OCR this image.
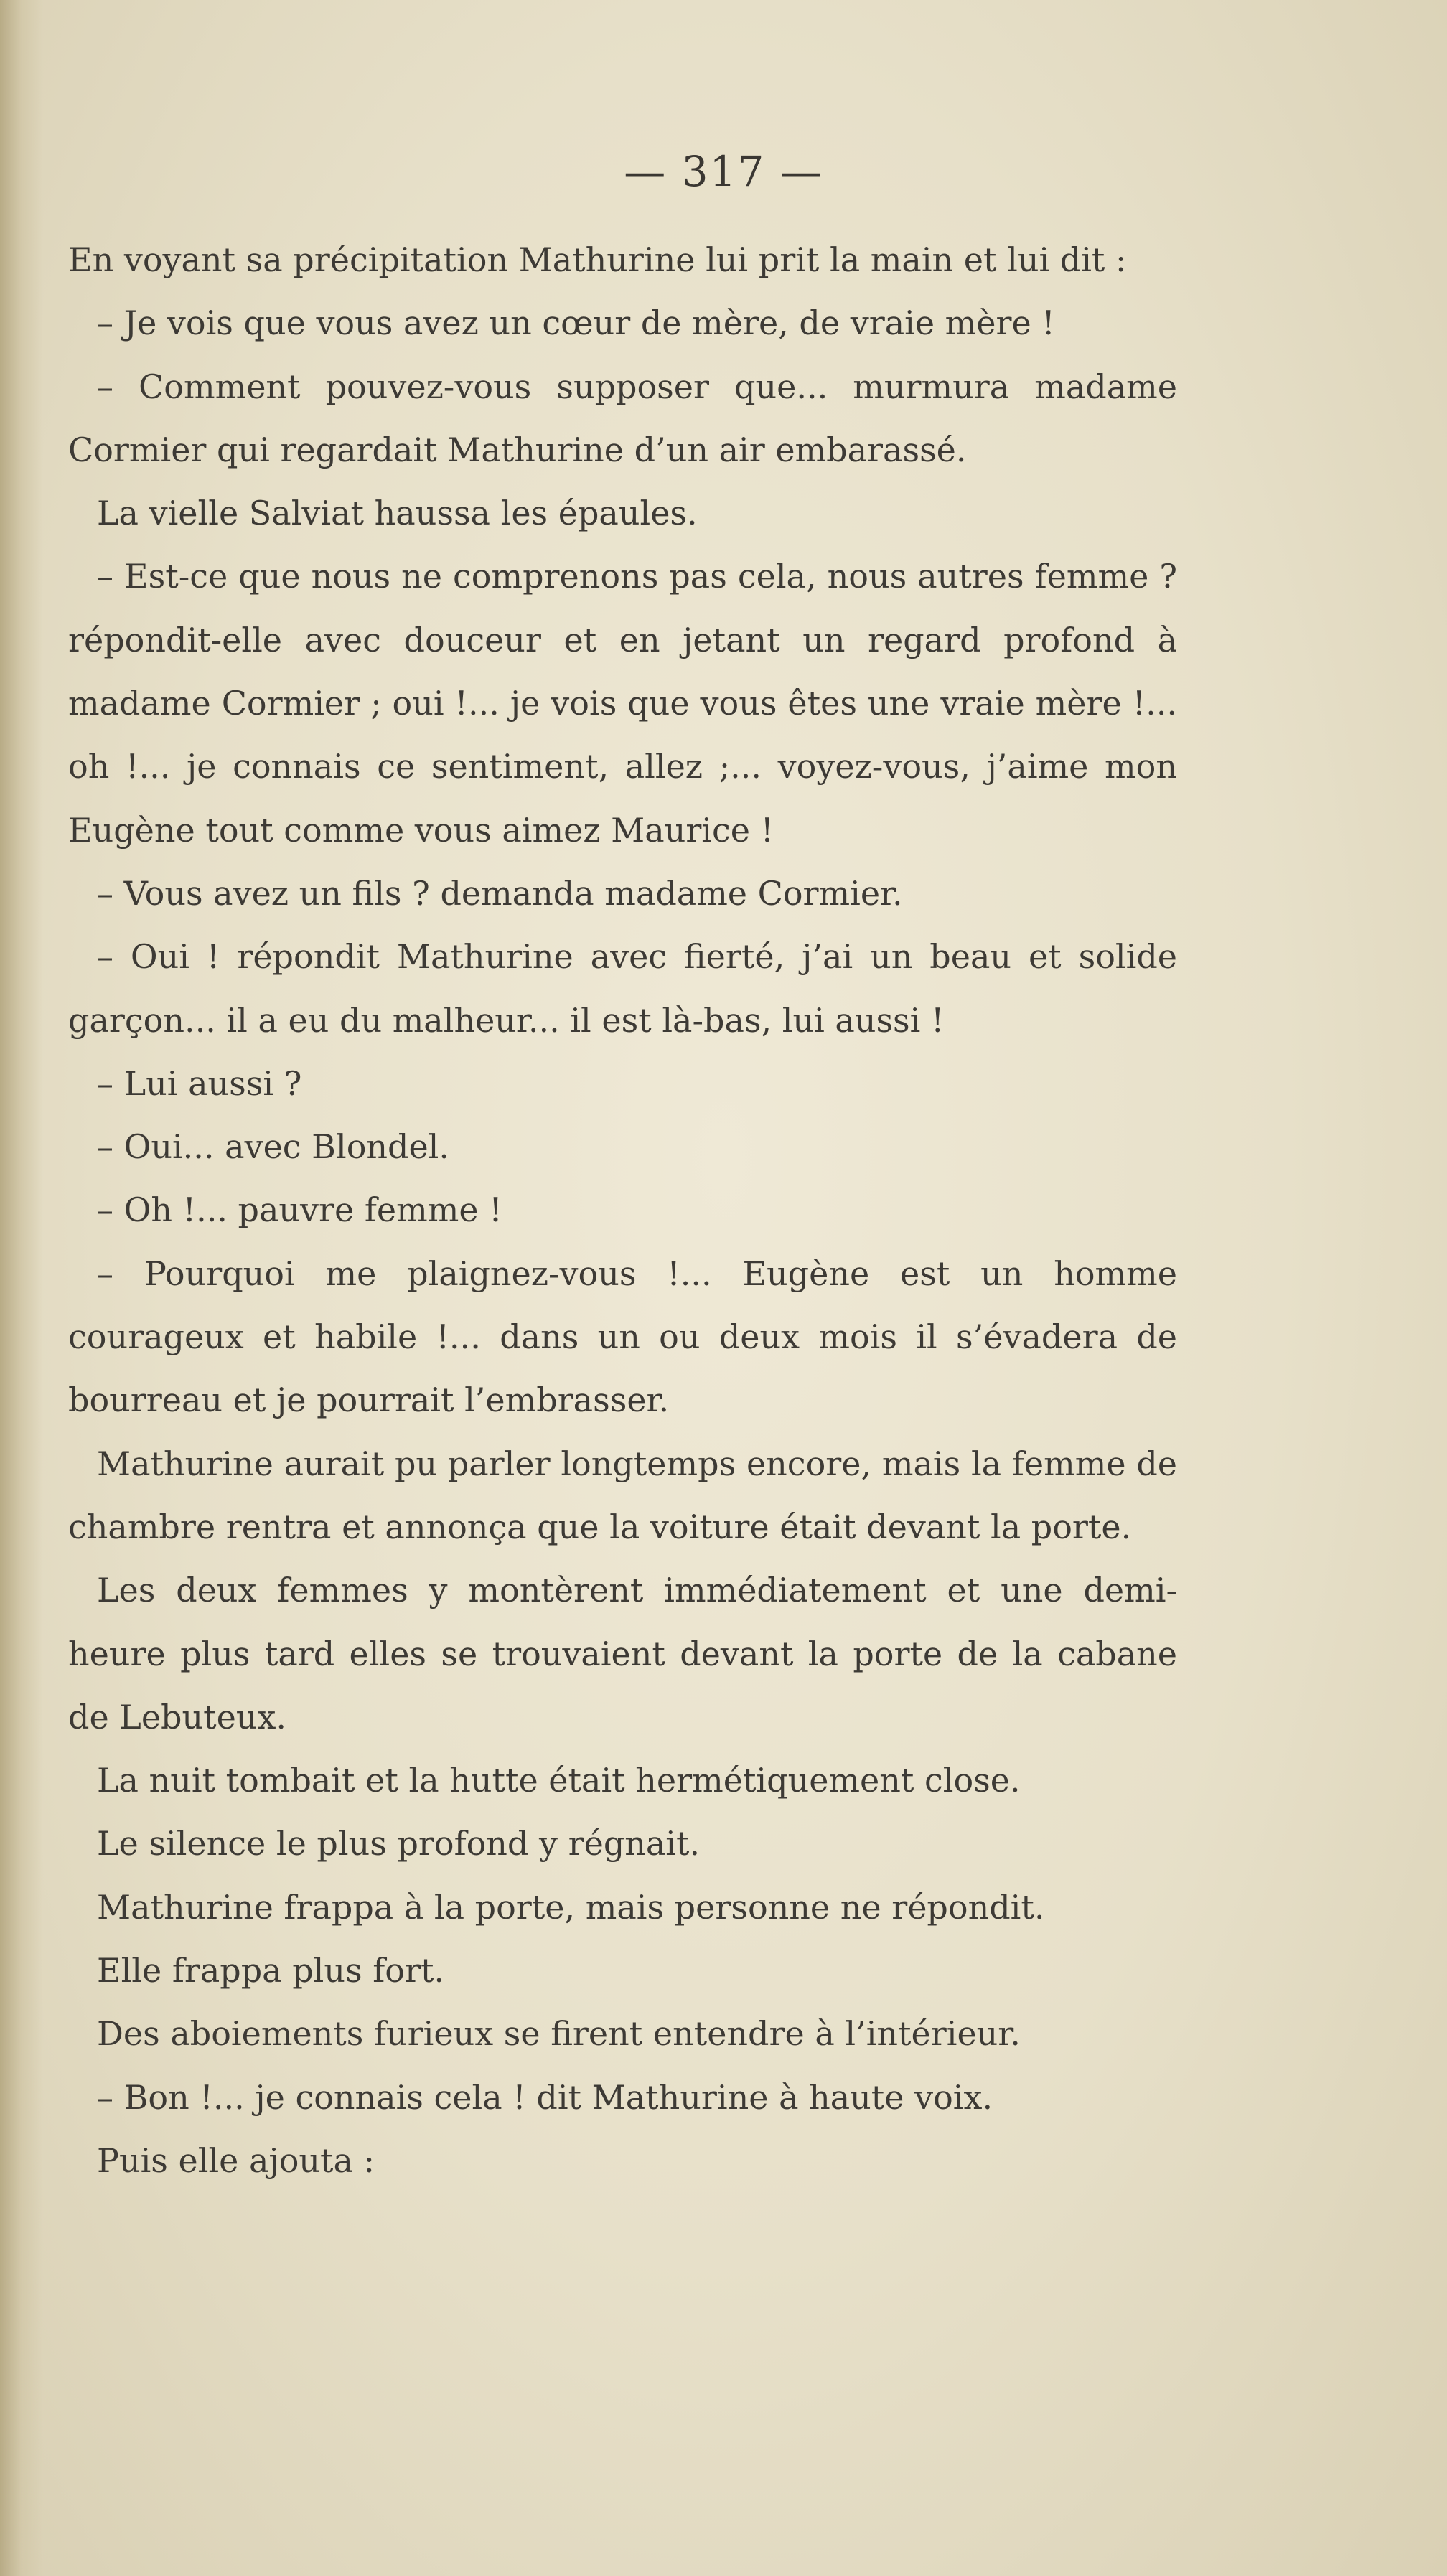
— 317 —

En voyant sa précipitation Mathurine lui prit la main et lui dit :

– Je vois que vous avez un cœur de mère, de vraie mère !

– Comment pouvez-vous supposer que... murmura madame Cormier qui regardait Mathurine d’un air embarassé.

La vielle Salviat haussa les épaules.

– Est-ce que nous ne comprenons pas cela, nous autres femme ? répondit-elle avec douceur et en jetant un regard profond à madame Cormier ; oui !... je vois que vous êtes une vraie mère !... oh !... je connais ce sentiment, allez ;... voyez-vous, j’aime mon Eugène tout comme vous aimez Maurice !

– Vous avez un fils ? demanda madame Cormier.

– Oui ! répondit Mathurine avec fierté, j’ai un beau et solide garçon... il a eu du malheur... il est là-bas, lui aussi !

– Lui aussi ?

– Oui... avec Blondel.

– Oh !... pauvre femme !

– Pourquoi me plaignez-vous !... Eugène est un homme courageux et habile !... dans un ou deux mois il s’évadera de bourreau et je pourrait l’embrasser.

Mathurine aurait pu parler longtemps encore, mais la femme de chambre rentra et annonça que la voiture était devant la porte.

Les deux femmes y montèrent immédiatement et une demi-heure plus tard elles se trouvaient devant la porte de la cabane de Lebuteux.

La nuit tombait et la hutte était hermétiquement close.

Le silence le plus profond y régnait.

Mathurine frappa à la porte, mais personne ne répondit.

Elle frappa plus fort.

Des aboiements furieux se firent entendre à l’intérieur.

– Bon !... je connais cela ! dit Mathurine à haute voix.

Puis elle ajouta :
